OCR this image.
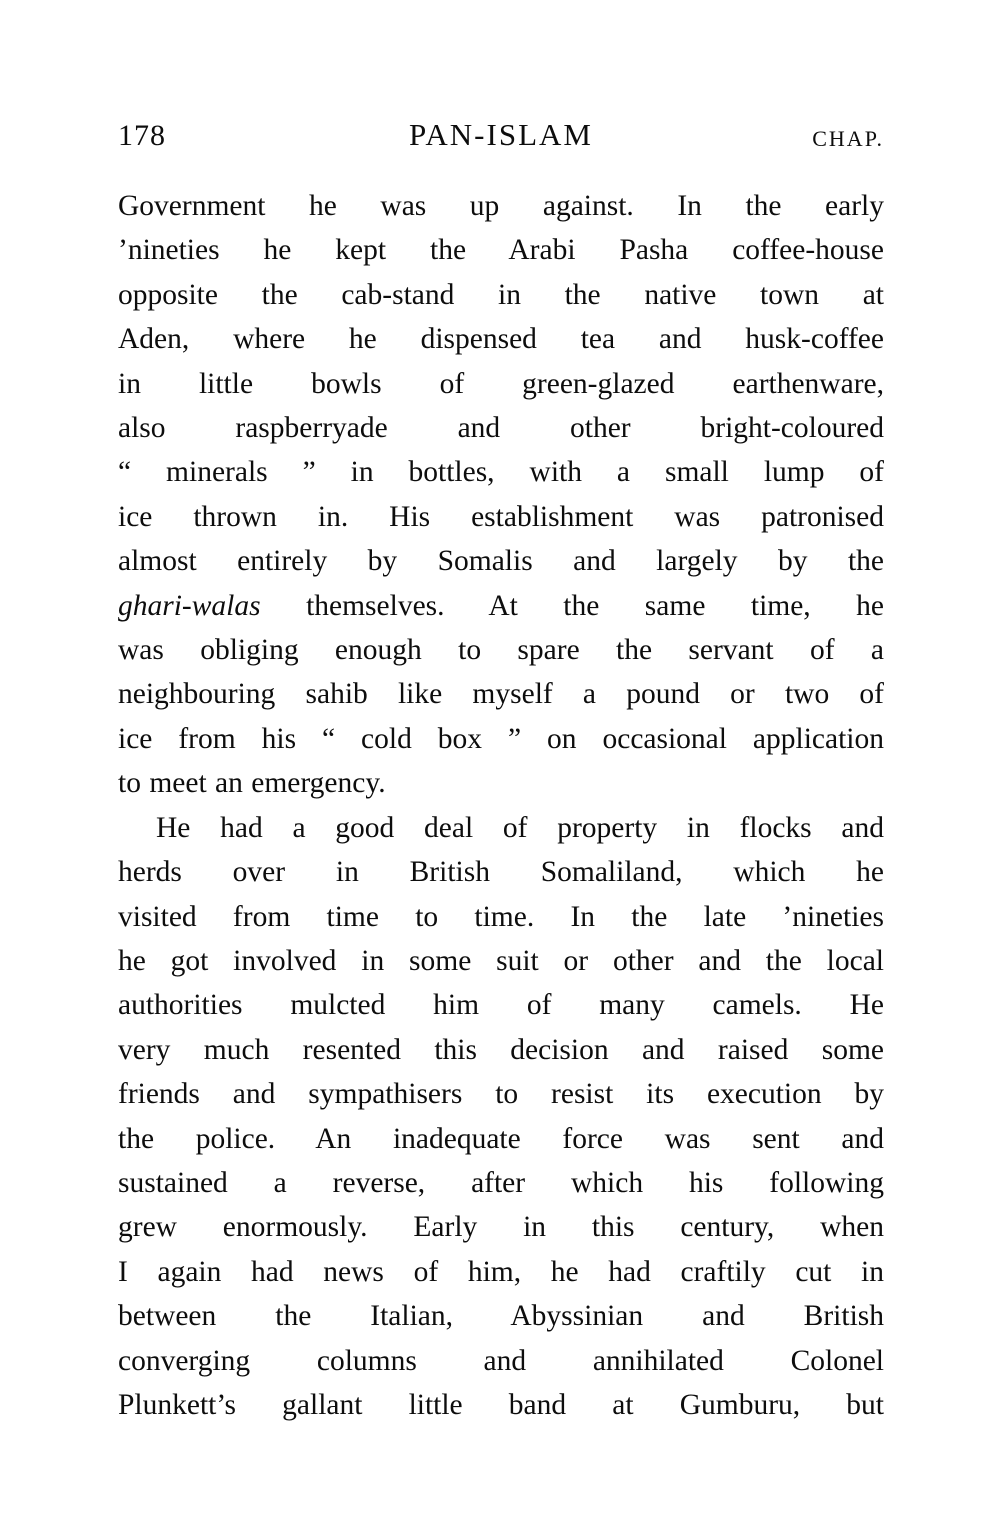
178	PAN-ISLAM	CHAP.
Government he was up against. In the early
’nineties he kept the Arabi Pasha coffee-house
opposite the cab-stand in the native town at
Aden, where he dispensed tea and husk-coffee
in little bowls of green-glazed earthenware,
also raspberryade and other bright-coloured
“ minerals ” in bottles, with a small lump of
ice thrown in. His establishment was patronised
almost entirely by Somalis and largely by the
ghari-walas themselves. At the same time, he
was obliging enough to spare the servant of a
neighbouring sahib like myself a pound or two of
ice from his “ cold box ” on occasional application
to meet an emergency.
He had a good deal of property in flocks and
herds over in British Somaliland, which he
visited from time to time. In the late ’nineties
he got involved in some suit or other and the local
authorities mulcted him of many camels. He
very much resented this decision and raised some
friends and sympathisers to resist its execution by
the police. An inadequate force was sent and
sustained a reverse, after which his following
grew enormously. Early in this century, when
I again had news of him, he had craftily cut in
between the Italian, Abyssinian and British
converging columns and annihilated Colonel
Plunkett’s gallant little band at Gumburu, but
